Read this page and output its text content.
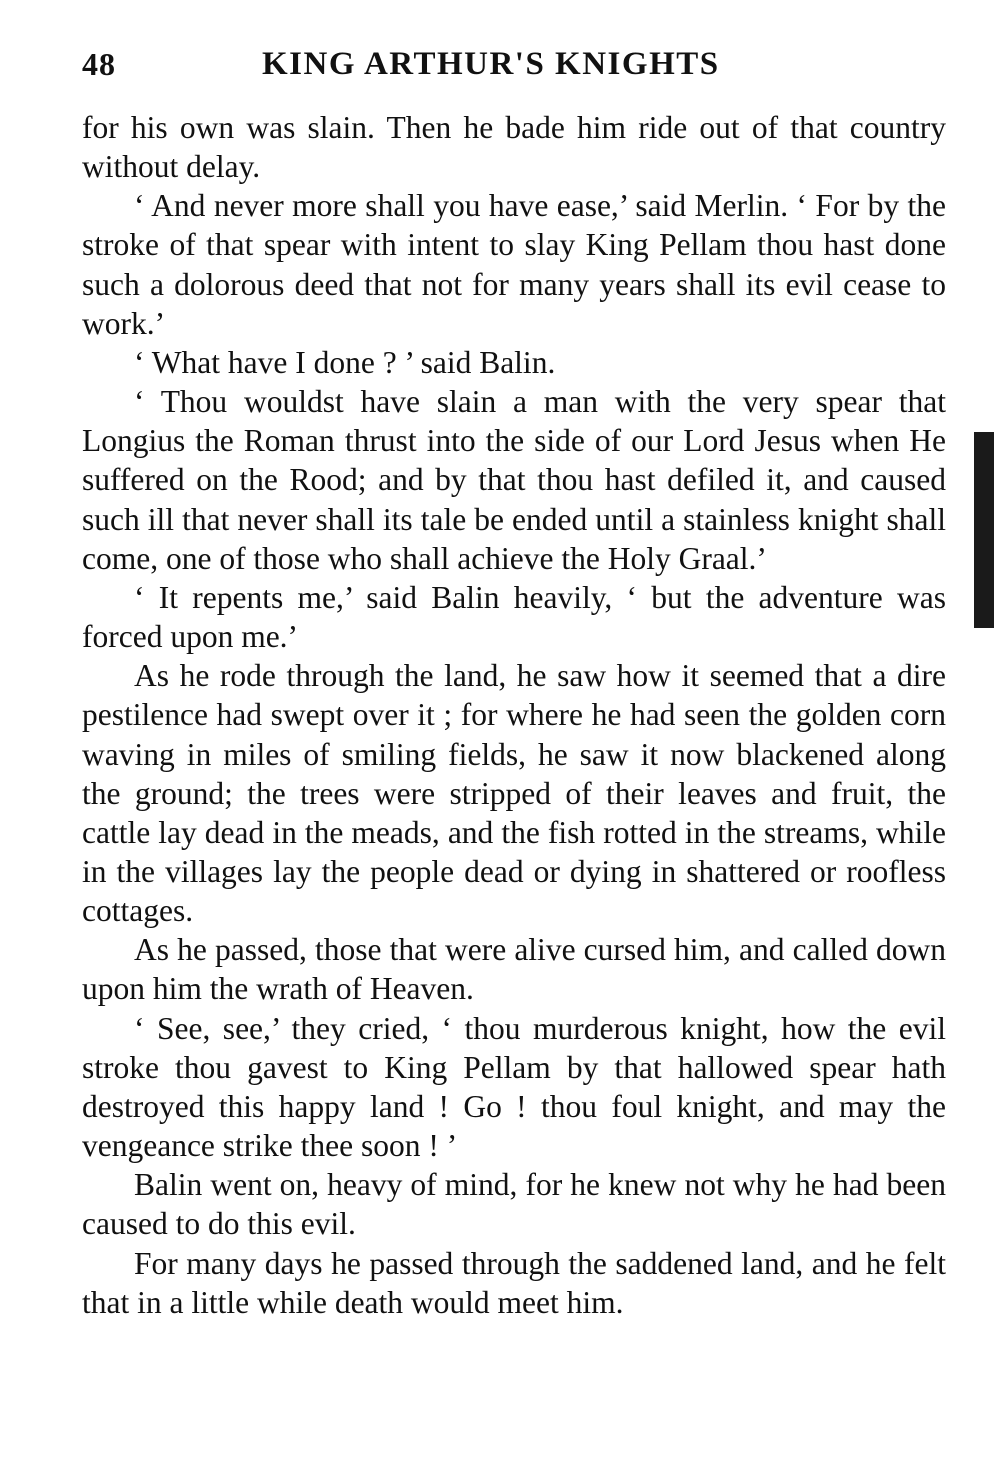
48	KING ARTHUR'S KNIGHTS

for his own was slain. Then he bade him ride out of that country without delay.

‘ And never more shall you have ease,’ said Merlin. ‘ For by the stroke of that spear with intent to slay King Pellam thou hast done such a dolorous deed that not for many years shall its evil cease to work.’

‘ What have I done ? ’ said Balin.

‘ Thou wouldst have slain a man with the very spear that Longius the Roman thrust into the side of our Lord Jesus when He suffered on the Rood; and by that thou hast defiled it, and caused such ill that never shall its tale be ended until a stainless knight shall come, one of those who shall achieve the Holy Graal.’

‘ It repents me,’ said Balin heavily, ‘ but the adventure was forced upon me.’

As he rode through the land, he saw how it seemed that a dire pestilence had swept over it ; for where he had seen the golden corn waving in miles of smiling fields, he saw it now blackened along the ground; the trees were stripped of their leaves and fruit, the cattle lay dead in the meads, and the fish rotted in the streams, while in the villages lay the people dead or dying in shattered or roofless cottages.

As he passed, those that were alive cursed him, and called down upon him the wrath of Heaven.

‘ See, see,’ they cried, ‘ thou murderous knight, how the evil stroke thou gavest to King Pellam by that hallowed spear hath destroyed this happy land ! Go ! thou foul knight, and may the vengeance strike thee soon ! ’

Balin went on, heavy of mind, for he knew not why he had been caused to do this evil.

For many days he passed through the saddened land, and he felt that in a little while death would meet him.
